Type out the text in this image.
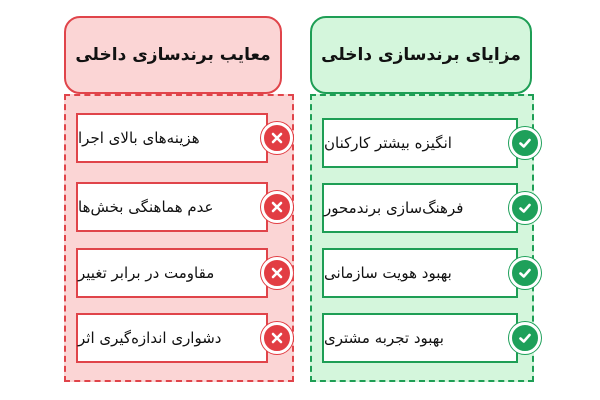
معایب برندسازی داخلی
هزینه‌های بالای اجرا
عدم هماهنگی بخش‌ها
مقاومت در برابر تغییر
دشواری اندازه‌گیری اثر
مزایای برندسازی داخلی
انگیزه بیشتر کارکنان
فرهنگ‌سازی برندمحور
بهبود هویت سازمانی
بهبود تجربه مشتری
